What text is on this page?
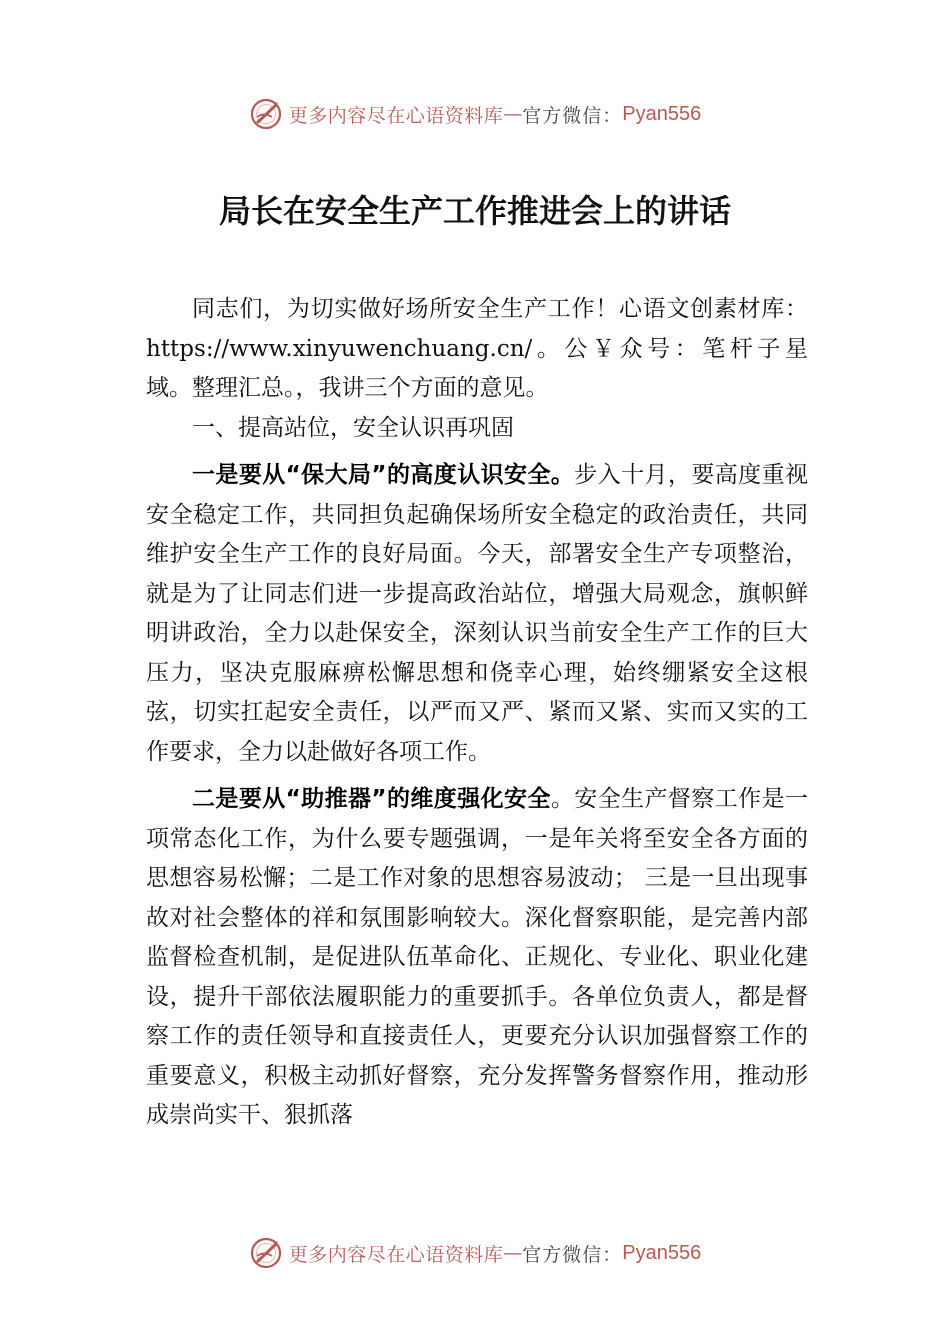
更多内容尽在心语资料库 — 官方微信： Pyan556
局长在安全生产工作推进会上的讲话

同志们，为切实做好场所安全生产工作！心语文创素材库：https://www.xinyuwenchuang.cn/。公￥众号：笔杆子星域。整理汇总。，我讲三个方面的意见。

一、提高站位，安全认识再巩固

一是要从“保大局”的高度认识安全。步入十月，要高度重视安全稳定工作，共同担负起确保场所安全稳定的政治责任，共同维护安全生产工作的良好局面。今天，部署安全生产专项整治，就是为了让同志们进一步提高政治站位，增强大局观念，旗帜鲜明讲政治，全力以赴保安全，深刻认识当前安全生产工作的巨大压力，坚决克服麻痹松懈思想和侥幸心理，始终绷紧安全这根弦，切实扛起安全责任，以严而又严、紧而又紧、实而又实的工作要求，全力以赴做好各项工作。

二是要从“助推器”的维度强化安全。安全生产督察工作是一项常态化工作，为什么要专题强调，一是年关将至安全各方面的思想容易松懈；二是工作对象的思想容易波动； 三是一旦出现事故对社会整体的祥和氛围影响较大。深化督察职能，是完善内部监督检查机制，是促进队伍革命化、正规化、专业化、职业化建设，提升干部依法履职能力的重要抓手。各单位负责人，都是督察工作的责任领导和直接责任人，更要充分认识加强督察工作的重要意义，积极主动抓好督察，充分发挥警务督察作用，推动形成崇尚实干、狠抓落

更多内容尽在心语资料库 — 官方微信： Pyan556
